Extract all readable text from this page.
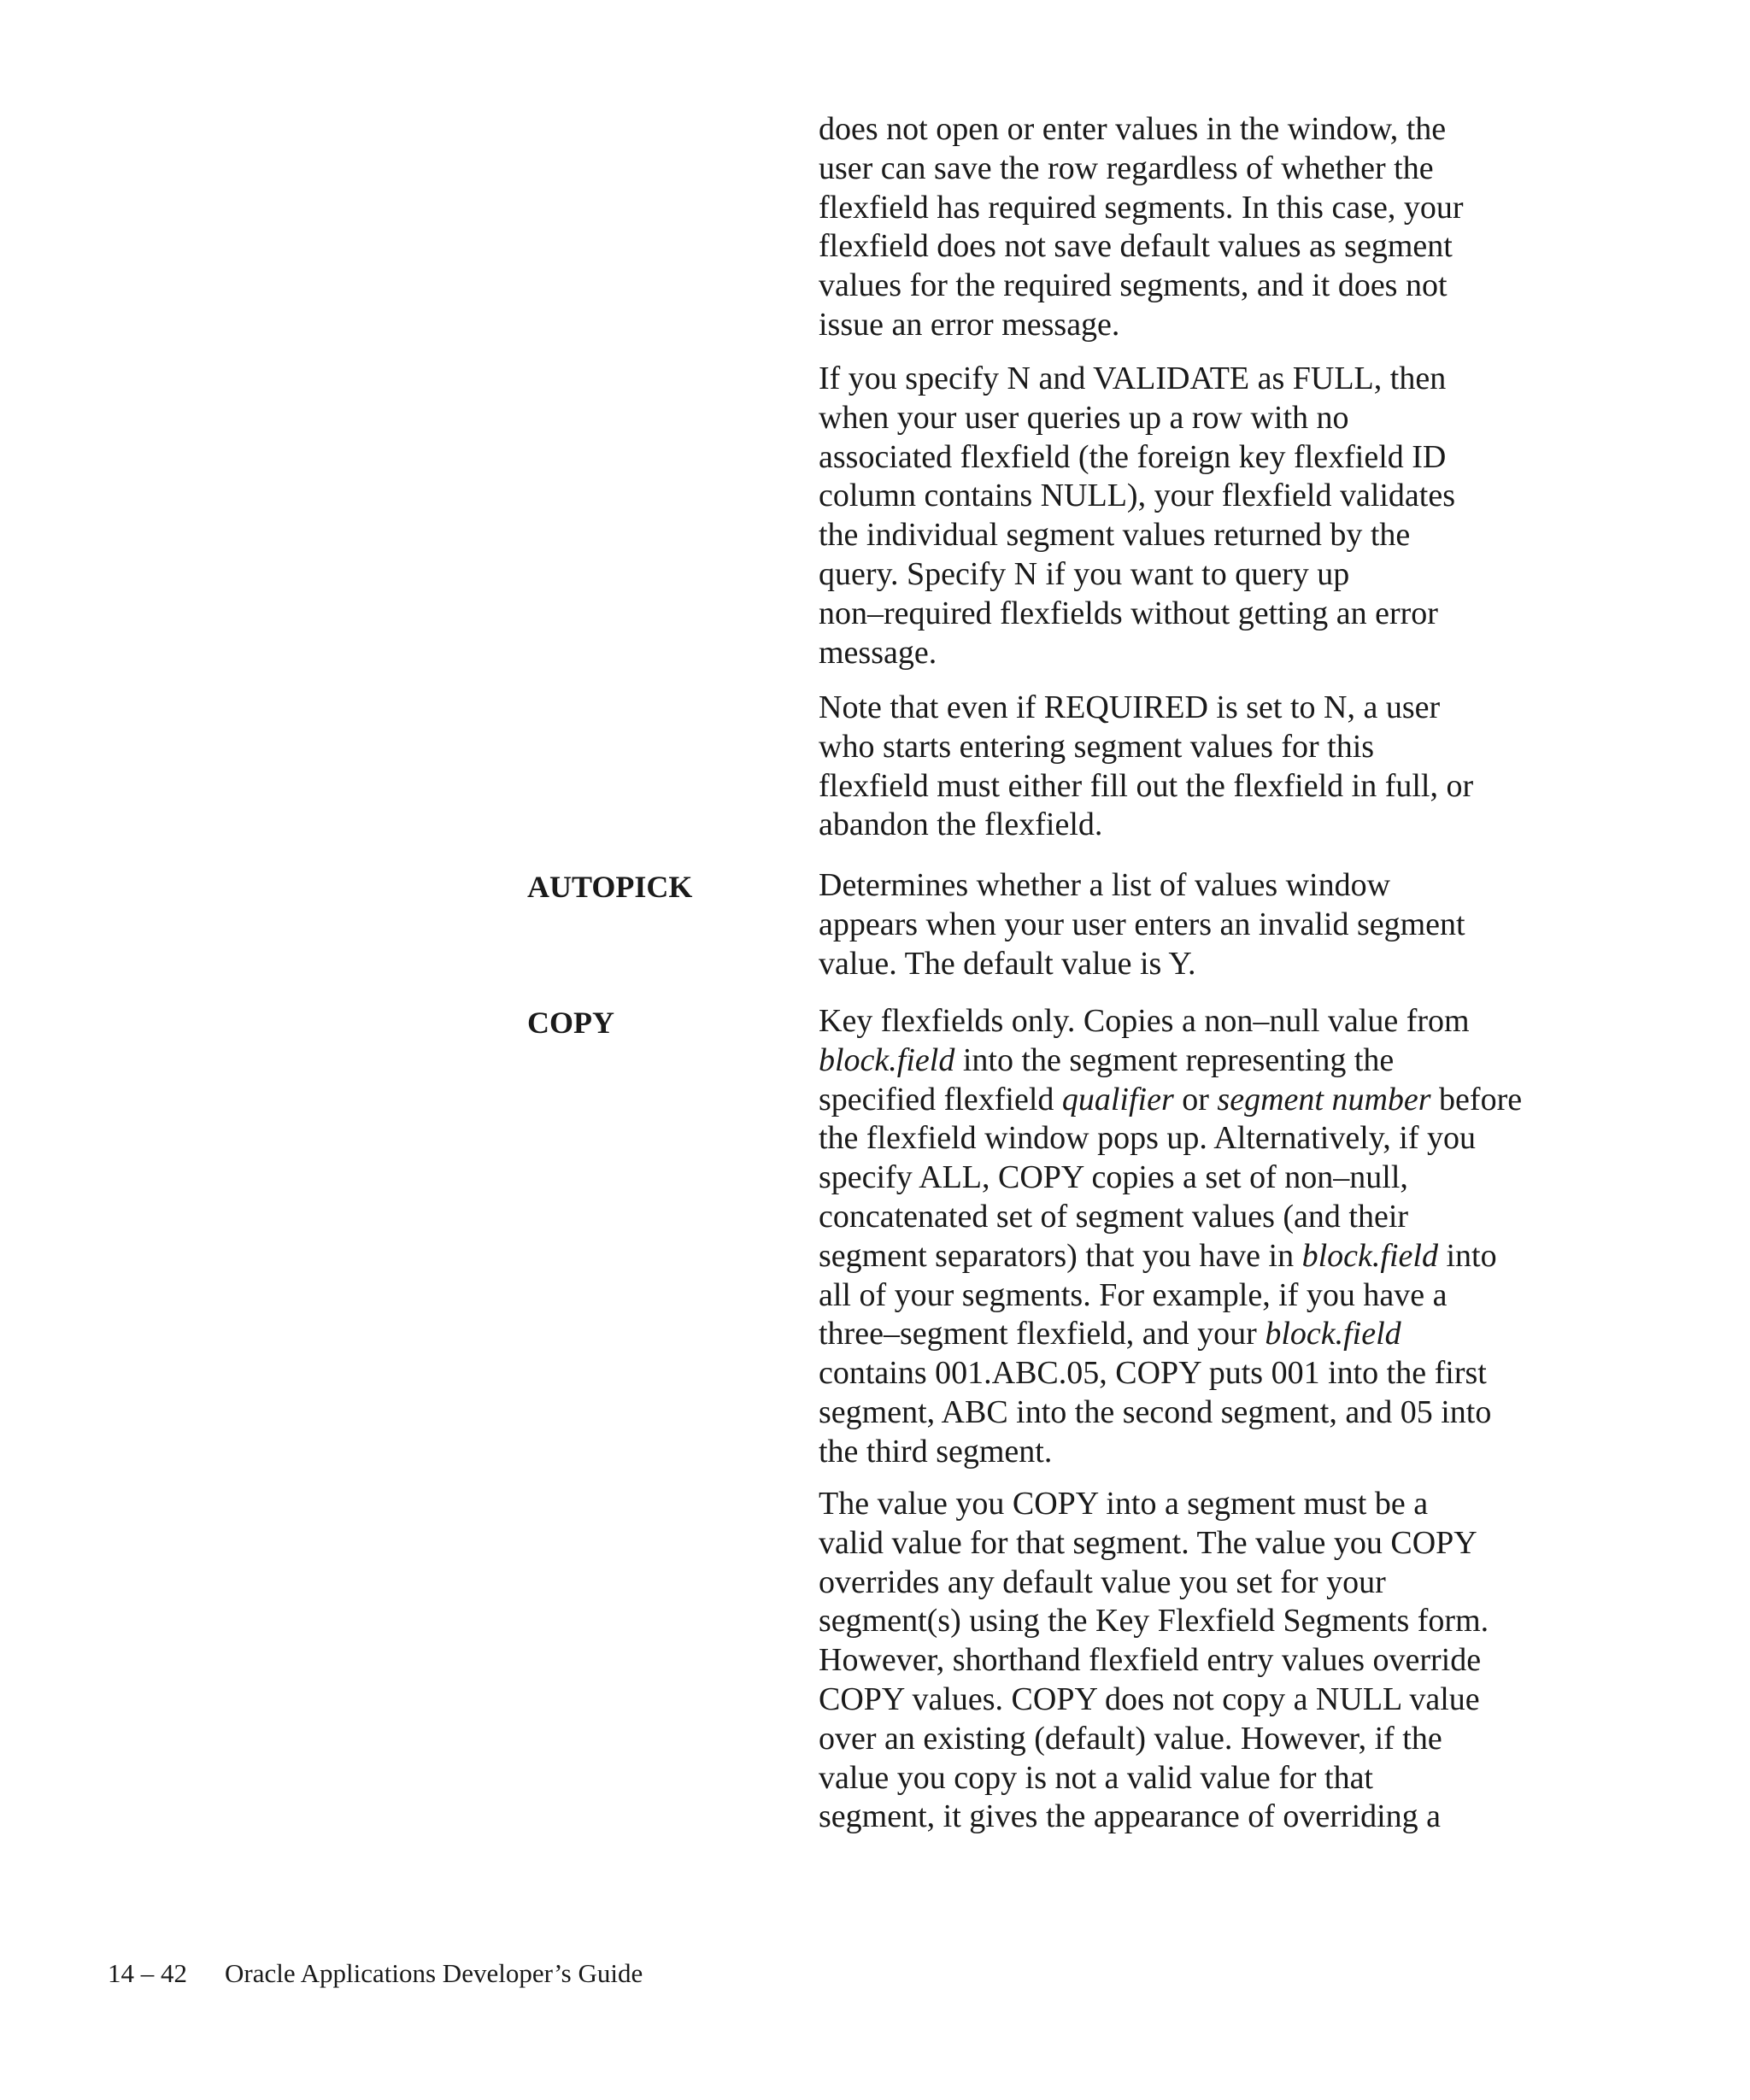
does not open or enter values in the window, the
user can save the row regardless of whether the
flexfield has required segments. In this case, your
flexfield does not save default values as segment
values for the required segments, and it does not
issue an error message.
If you specify N and VALIDATE as FULL, then
when your user queries up a row with no
associated flexfield (the foreign key flexfield ID
column contains NULL), your flexfield validates
the individual segment values returned by the
query. Specify N if you want to query up
non–required flexfields without getting an error
message.
Note that even if REQUIRED is set to N, a user
who starts entering segment values for this
flexfield must either fill out the flexfield in full, or
abandon the flexfield.
AUTOPICK	Determines whether a list of values window
appears when your user enters an invalid segment
value. The default value is Y.
COPY	Key flexfields only. Copies a non–null value from
block.field into the segment representing the
specified flexfield qualifier or segment number before
the flexfield window pops up. Alternatively, if you
specify ALL, COPY copies a set of non–null,
concatenated set of segment values (and their
segment separators) that you have in block.field into
all of your segments. For example, if you have a
three–segment flexfield, and your block.field
contains 001.ABC.05, COPY puts 001 into the first
segment, ABC into the second segment, and 05 into
the third segment.
The value you COPY into a segment must be a
valid value for that segment. The value you COPY
overrides any default value you set for your
segment(s) using the Key Flexfield Segments form.
However, shorthand flexfield entry values override
COPY values. COPY does not copy a NULL value
over an existing (default) value. However, if the
value you copy is not a valid value for that
segment, it gives the appearance of overriding a
14 – 42 Oracle Applications Developer’s Guide
